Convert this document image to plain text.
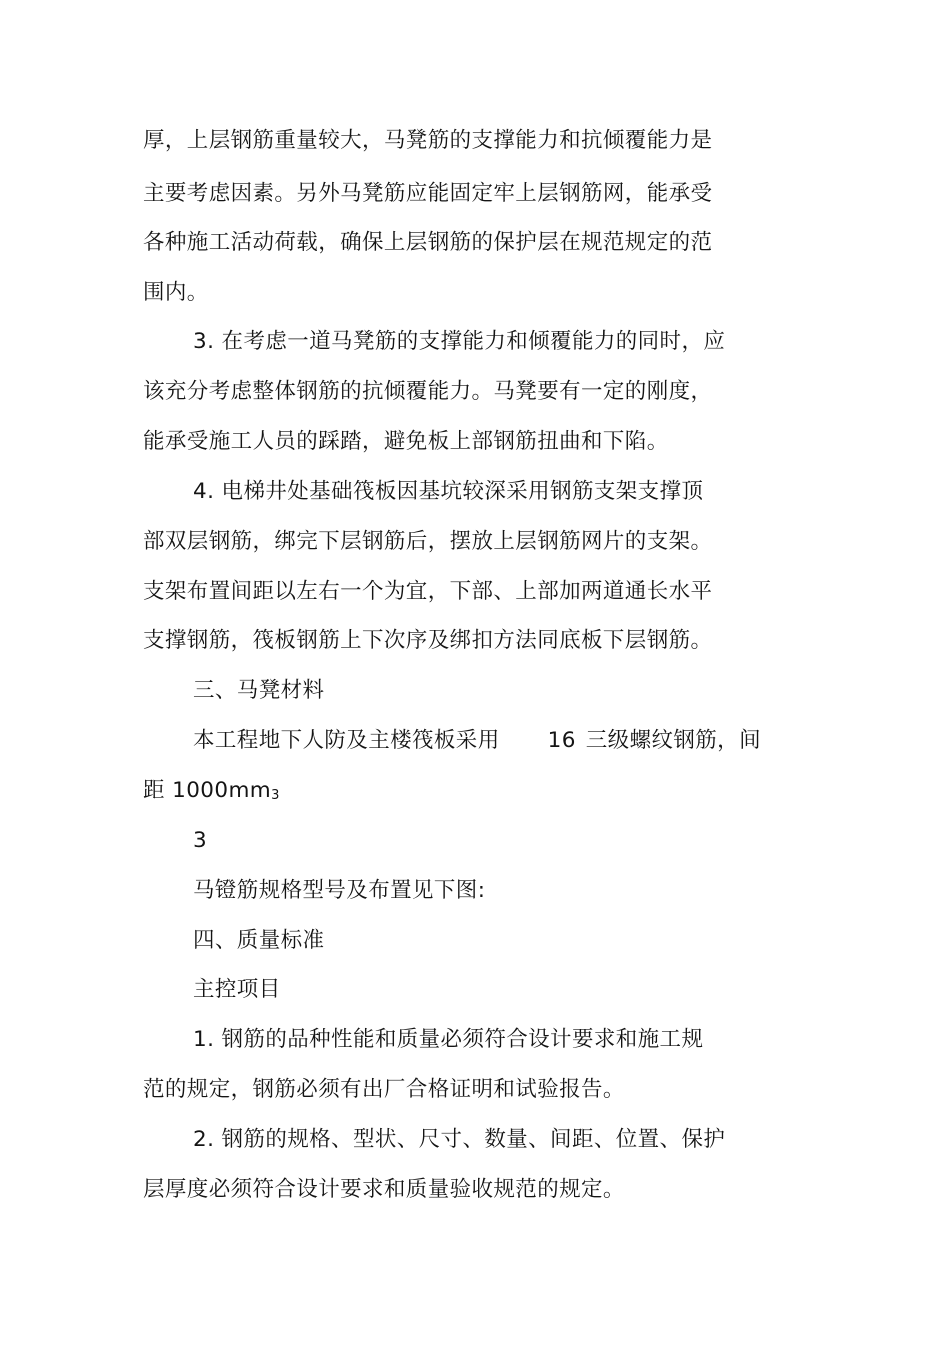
厚，上层钢筋重量较大，马凳筋的支撑能力和抗倾覆能力是
主要考虑因素。另外马凳筋应能固定牢上层钢筋网，能承受
各种施工活动荷载，确保上层钢筋的保护层在规范规定的范
围内。
3. 在考虑一道马凳筋的支撑能力和倾覆能力的同时，应
该充分考虑整体钢筋的抗倾覆能力。马凳要有一定的刚度，
能承受施工人员的踩踏，避免板上部钢筋扭曲和下陷。
4. 电梯井处基础筏板因基坑较深采用钢筋支架支撑顶
部双层钢筋，绑完下层钢筋后，摆放上层钢筋网片的支架。
支架布置间距以左右一个为宜，下部、上部加两道通长水平
支撑钢筋，筏板钢筋上下次序及绑扣方法同底板下层钢筋。
三、马凳材料
本工程地下人防及主楼筏板采用 16 三级螺纹钢筋，间
距 1000mm3
3
马镫筋规格型号及布置见下图:
四、质量标准
主控项目
1. 钢筋的品种性能和质量必须符合设计要求和施工规
范的规定，钢筋必须有出厂合格证明和试验报告。
2. 钢筋的规格、型状、尺寸、数量、间距、位置、保护
层厚度必须符合设计要求和质量验收规范的规定。
